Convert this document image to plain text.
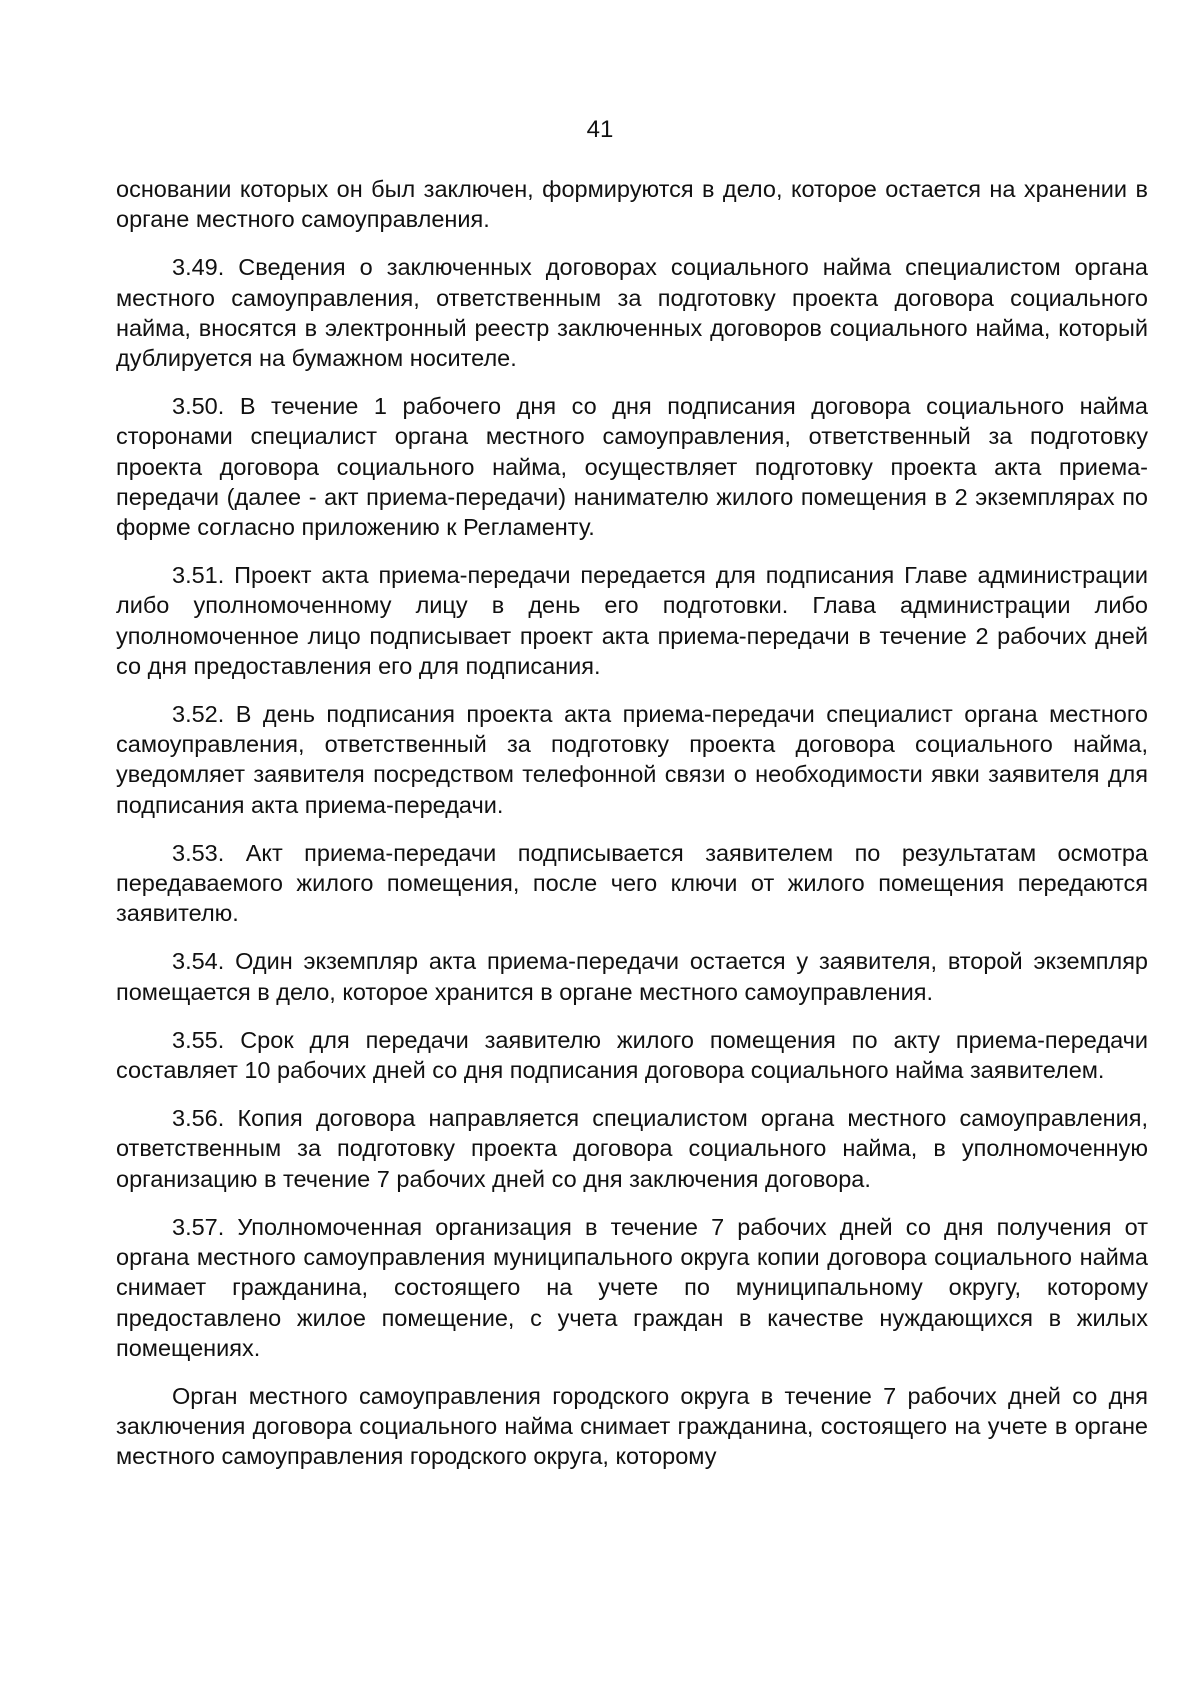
41

основании которых он был заключен, формируются в дело, которое остается на хранении в органе местного самоуправления.

3.49. Сведения о заключенных договорах социального найма специалистом органа местного самоуправления, ответственным за подготовку проекта договора социального найма, вносятся в электронный реестр заключенных договоров социального найма, который дублируется на бумажном носителе.

3.50. В течение 1 рабочего дня со дня подписания договора социального найма сторонами специалист органа местного самоуправления, ответственный за подготовку проекта договора социального найма, осуществляет подготовку проекта акта приема-передачи (далее - акт приема-передачи) нанимателю жилого помещения в 2 экземплярах по форме согласно приложению к Регламенту.

3.51. Проект акта приема-передачи передается для подписания Главе администрации либо уполномоченному лицу в день его подготовки. Глава администрации либо уполномоченное лицо подписывает проект акта приема-передачи в течение 2 рабочих дней со дня предоставления его для подписания.

3.52. В день подписания проекта акта приема-передачи специалист органа местного самоуправления, ответственный за подготовку проекта договора социального найма, уведомляет заявителя посредством телефонной связи о необходимости явки заявителя для подписания акта приема-передачи.

3.53. Акт приема-передачи подписывается заявителем по результатам осмотра передаваемого жилого помещения, после чего ключи от жилого помещения передаются заявителю.

3.54. Один экземпляр акта приема-передачи остается у заявителя, второй экземпляр помещается в дело, которое хранится в органе местного самоуправления.

3.55. Срок для передачи заявителю жилого помещения по акту приема-передачи составляет 10 рабочих дней со дня подписания договора социального найма заявителем.

3.56. Копия договора направляется специалистом органа местного самоуправления, ответственным за подготовку проекта договора социального найма, в уполномоченную организацию в течение 7 рабочих дней со дня заключения договора.

3.57. Уполномоченная организация в течение 7 рабочих дней со дня получения от органа местного самоуправления муниципального округа копии договора социального найма снимает гражданина, состоящего на учете по муниципальному округу, которому предоставлено жилое помещение, с учета граждан в качестве нуждающихся в жилых помещениях.

Орган местного самоуправления городского округа в течение 7 рабочих дней со дня заключения договора социального найма снимает гражданина, состоящего на учете в органе местного самоуправления городского округа, которому
